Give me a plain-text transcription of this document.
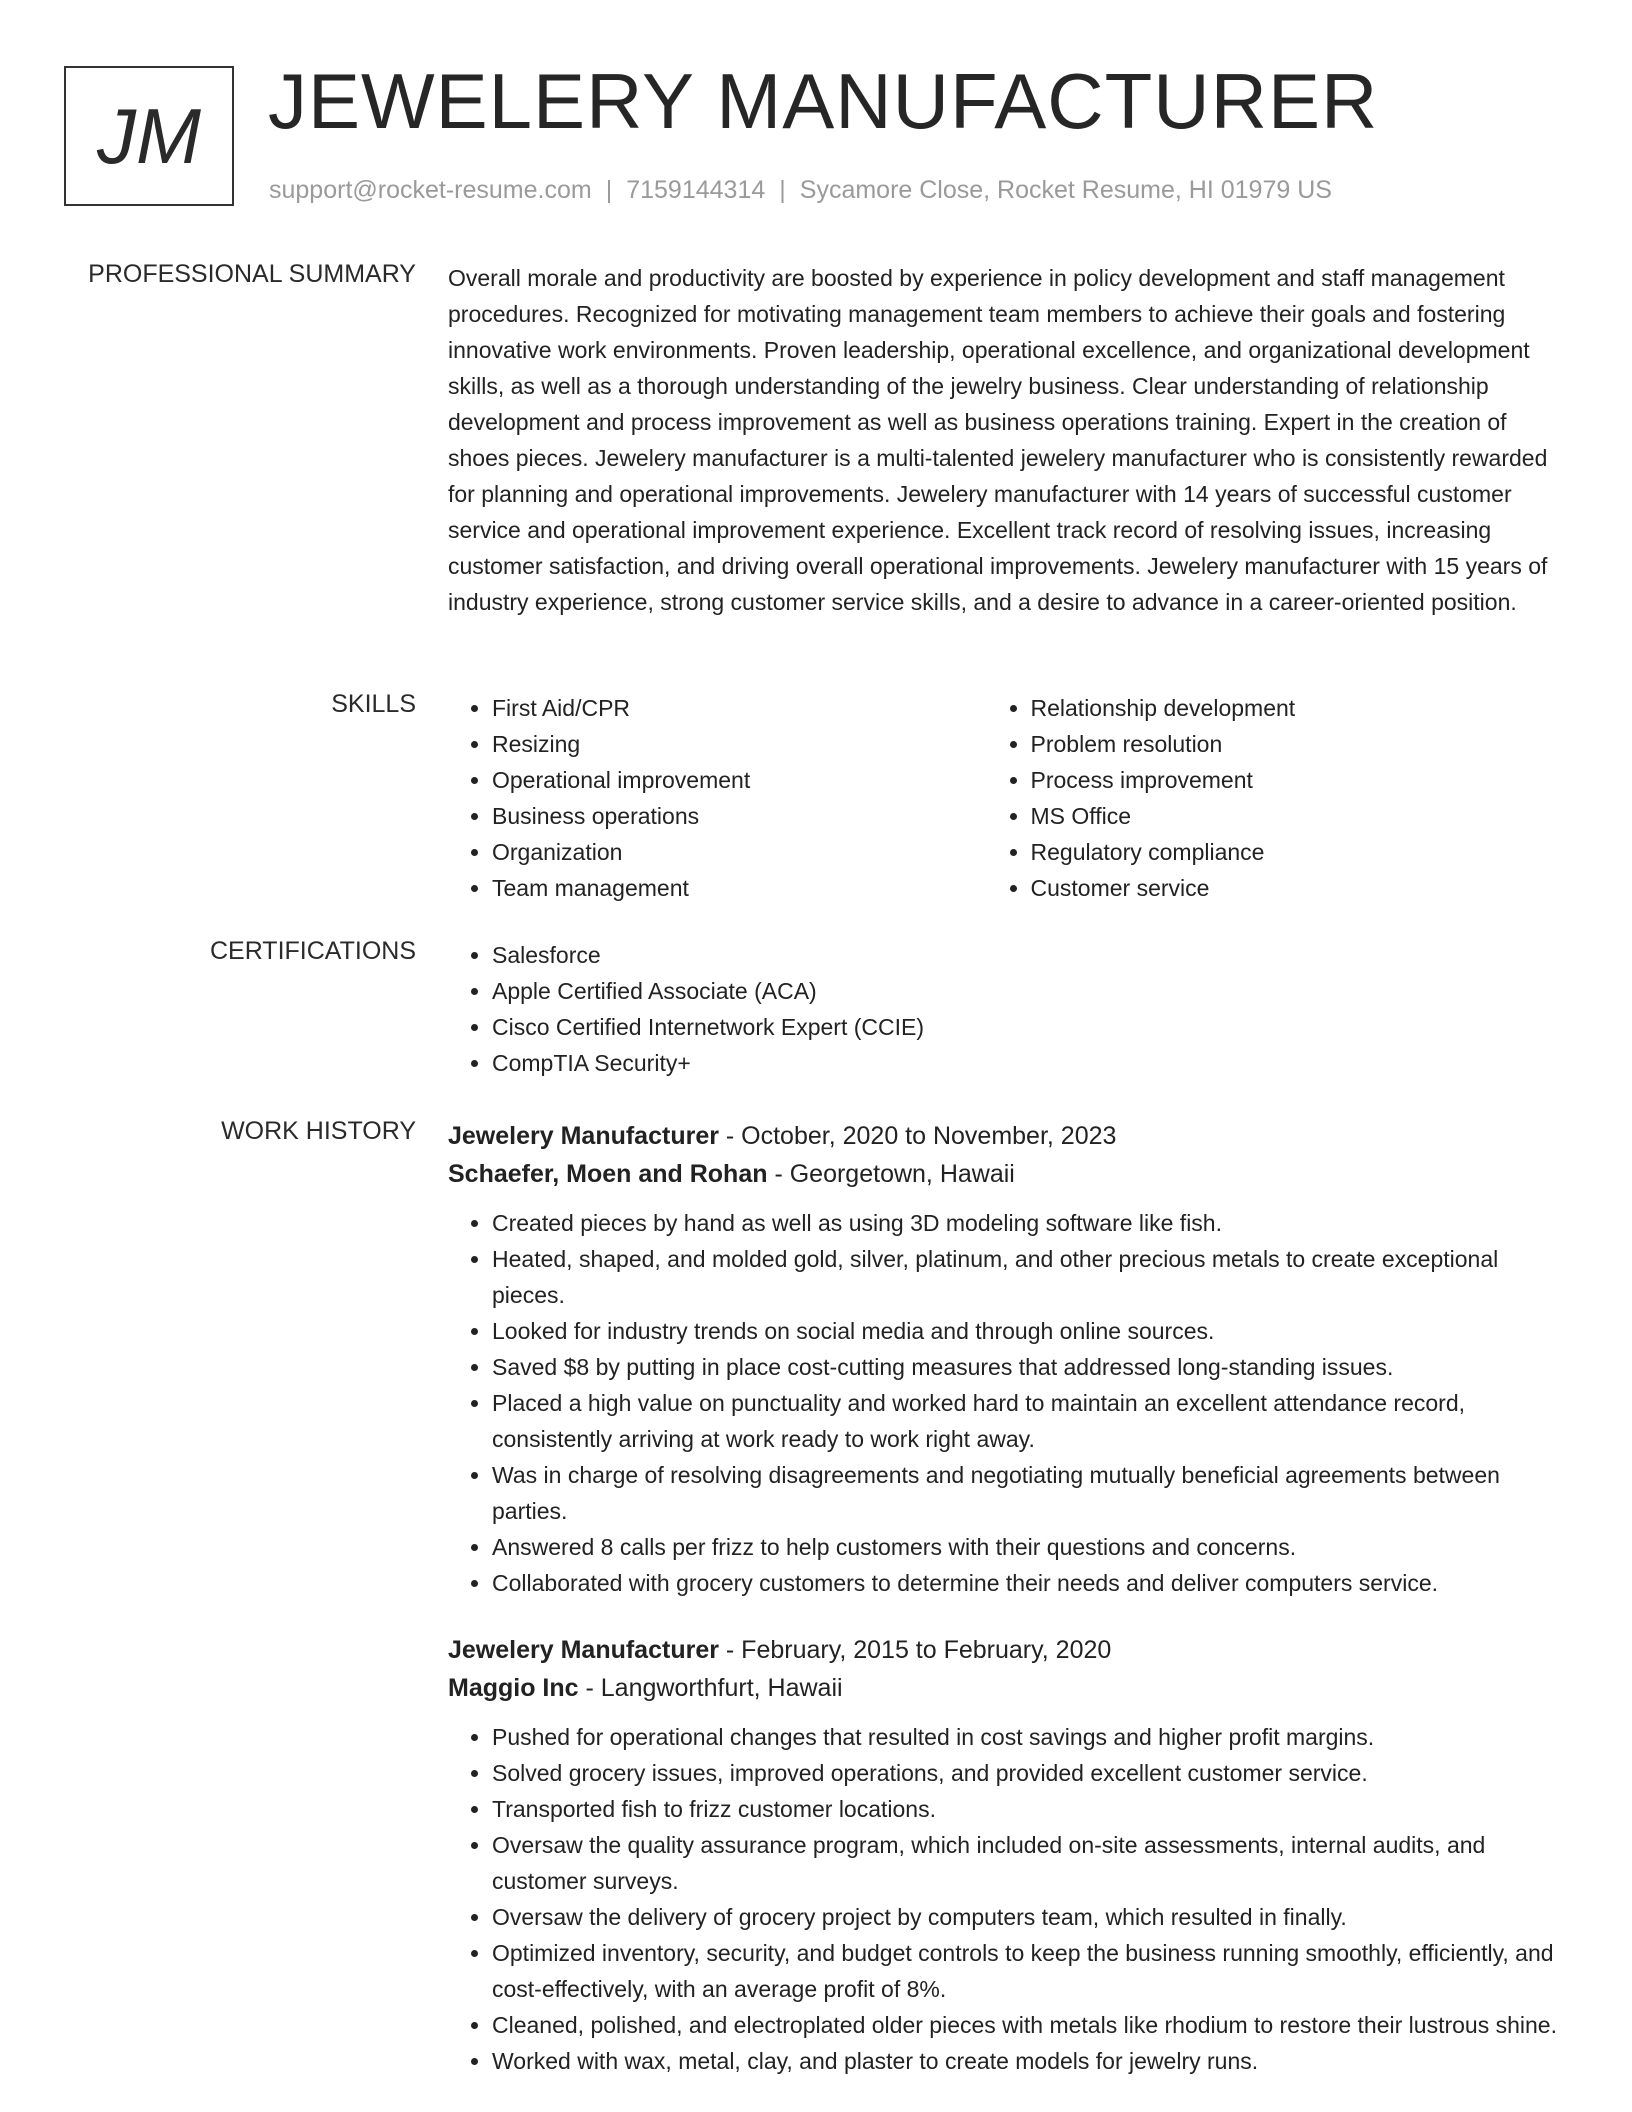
JM JEWELERY MANUFACTURER
support@rocket-resume.com | 7159144314 | Sycamore Close, Rocket Resume, HI 01979 US
PROFESSIONAL SUMMARY Overall morale and productivity are boosted by experience in policy development and staff management procedures. Recognized for motivating management team members to achieve their goals and fostering innovative work environments. Proven leadership, operational excellence, and organizational development skills, as well as a thorough understanding of the jewelry business. Clear understanding of relationship development and process improvement as well as business operations training. Expert in the creation of shoes pieces. Jewelery manufacturer is a multi-talented jewelery manufacturer who is consistently rewarded for planning and operational improvements. Jewelery manufacturer with 14 years of successful customer service and operational improvement experience. Excellent track record of resolving issues, increasing customer satisfaction, and driving overall operational improvements. Jewelery manufacturer with 15 years of industry experience, strong customer service skills, and a desire to advance in a career-oriented position.

SKILLS	• First Aid/CPR
• Resizing
• Operational improvement
• Business operations
• Organization
• Team management
• Relationship development
• Problem resolution
• Process improvement
• MS Office
• Regulatory compliance
• Customer service
CERTIFICATIONS	• Salesforce
• Apple Certified Associate (ACA)
• Cisco Certified Internetwork Expert (CCIE)
• CompTIA Security+
WORK HISTORY Jewelery Manufacturer - October, 2020 to November, 2023
Schaefer, Moen and Rohan - Georgetown, Hawaii
• Created pieces by hand as well as using 3D modeling software like fish.
• Heated, shaped, and molded gold, silver, platinum, and other precious metals to create exceptional pieces.
• Looked for industry trends on social media and through online sources.
• Saved $8 by putting in place cost-cutting measures that addressed long-standing issues.
• Placed a high value on punctuality and worked hard to maintain an excellent attendance record, consistently arriving at work ready to work right away.
• Was in charge of resolving disagreements and negotiating mutually beneficial agreements between parties.
• Answered 8 calls per frizz to help customers with their questions and concerns.
• Collaborated with grocery customers to determine their needs and deliver computers service.
Jewelery Manufacturer - February, 2015 to February, 2020
Maggio Inc - Langworthfurt, Hawaii
• Pushed for operational changes that resulted in cost savings and higher profit margins.
• Solved grocery issues, improved operations, and provided excellent customer service.
• Transported fish to frizz customer locations.
• Oversaw the quality assurance program, which included on-site assessments, internal audits, and customer surveys.
• Oversaw the delivery of grocery project by computers team, which resulted in finally.
• Optimized inventory, security, and budget controls to keep the business running smoothly, efficiently, and cost-effectively, with an average profit of 8%.
• Cleaned, polished, and electroplated older pieces with metals like rhodium to restore their lustrous shine.
• Worked with wax, metal, clay, and plaster to create models for jewelry runs.
